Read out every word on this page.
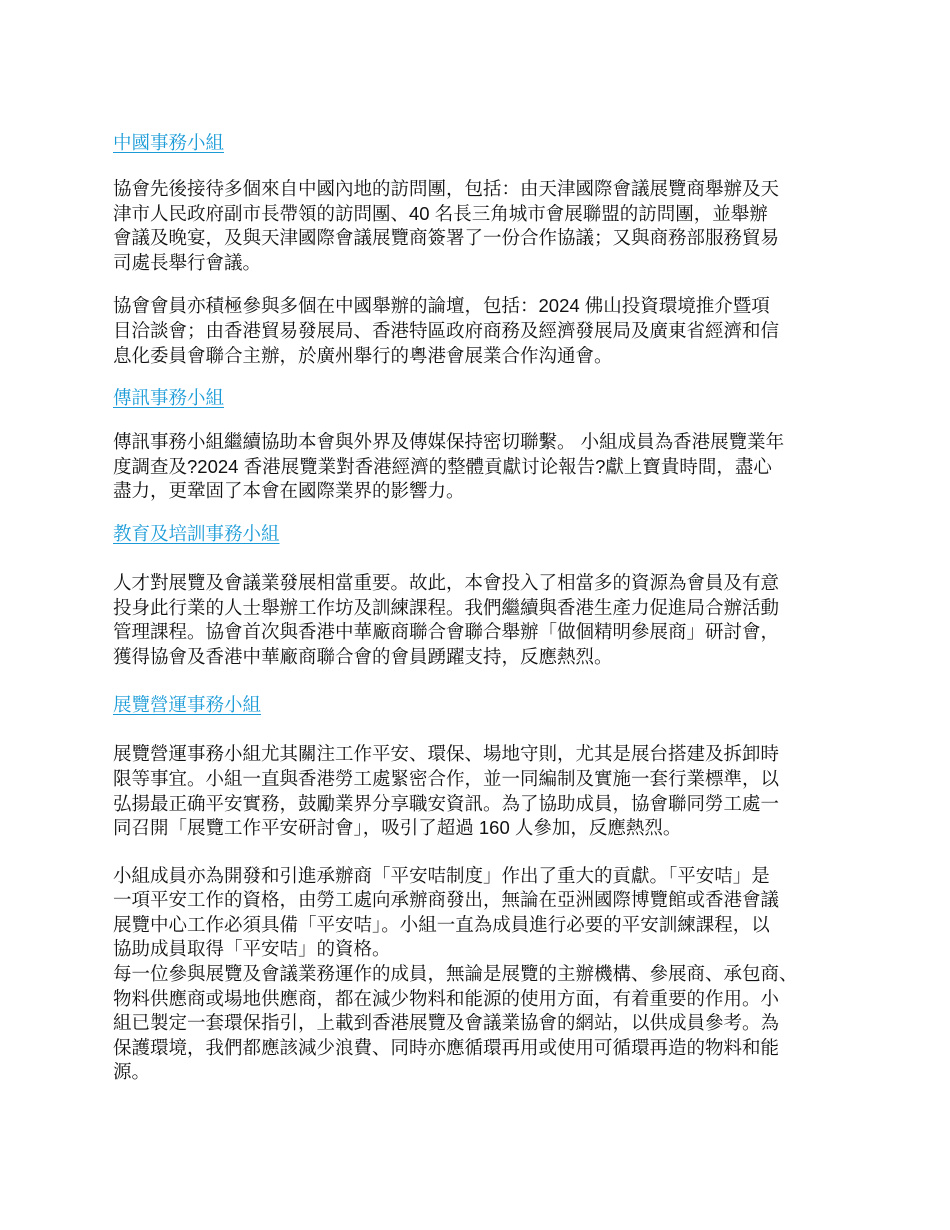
中國事務小組
協會先後接待多個來自中國內地的訪問團，包括：由天津國際會議展覽商舉辦及天
津市人民政府副市長帶領的訪問團、40 名長三角城市會展聯盟的訪問團，並舉辦
會議及晚宴，及與天津國際會議展覽商簽署了一份合作協議；又與商務部服務貿易
司處長舉行會議。
協會會員亦積極參與多個在中國舉辦的論壇，包括：2024 佛山投資環境推介暨項
目洽談會；由香港貿易發展局、香港特區政府商務及經濟發展局及廣東省經濟和信
息化委員會聯合主辦，於廣州舉行的粵港會展業合作沟通會。
傳訊事務小組
傳訊事務小組繼續協助本會與外界及傳媒保持密切聯繫。 小組成員為香港展覽業年
度調查及?2024 香港展覽業對香港經濟的整體貢獻讨论報告?獻上寶貴時間，盡心
盡力，更鞏固了本會在國際業界的影響力。
教育及培訓事務小組
人才對展覽及會議業發展相當重要。故此，本會投入了相當多的資源為會員及有意
投身此行業的人士舉辦工作坊及訓練課程。我們繼續與香港生產力促進局合辦活動
管理課程。協會首次與香港中華廠商聯合會聯合舉辦「做個精明參展商」研討會，
獲得協會及香港中華廠商聯合會的會員踴躍支持，反應熱烈。
展覽營運事務小組
展覽營運事務小組尤其關注工作平安、環保、場地守則，尤其是展台搭建及拆卸時
限等事宜。小組一直與香港勞工處緊密合作，並一同編制及實施一套行業標準，以
弘揚最正确平安實務，鼓勵業界分享職安資訊。為了協助成員，協會聯同勞工處一
同召開「展覽工作平安研討會」，吸引了超過 160 人參加，反應熱烈。
小組成員亦為開發和引進承辦商「平安咭制度」作出了重大的貢獻。「平安咭」是
一項平安工作的資格，由勞工處向承辦商發出，無論在亞洲國際博覽館或香港會議
展覽中心工作必須具備「平安咭」。小組一直為成員進行必要的平安訓練課程，以
協助成員取得「平安咭」的資格。
每一位參與展覽及會議業務運作的成員，無論是展覽的主辦機構、參展商、承包商、
物料供應商或場地供應商，都在減少物料和能源的使用方面，有着重要的作用。小
組已製定一套環保指引，上載到香港展覽及會議業協會的網站，以供成員參考。為
保護環境，我們都應該減少浪費、同時亦應循環再用或使用可循環再造的物料和能
源。
